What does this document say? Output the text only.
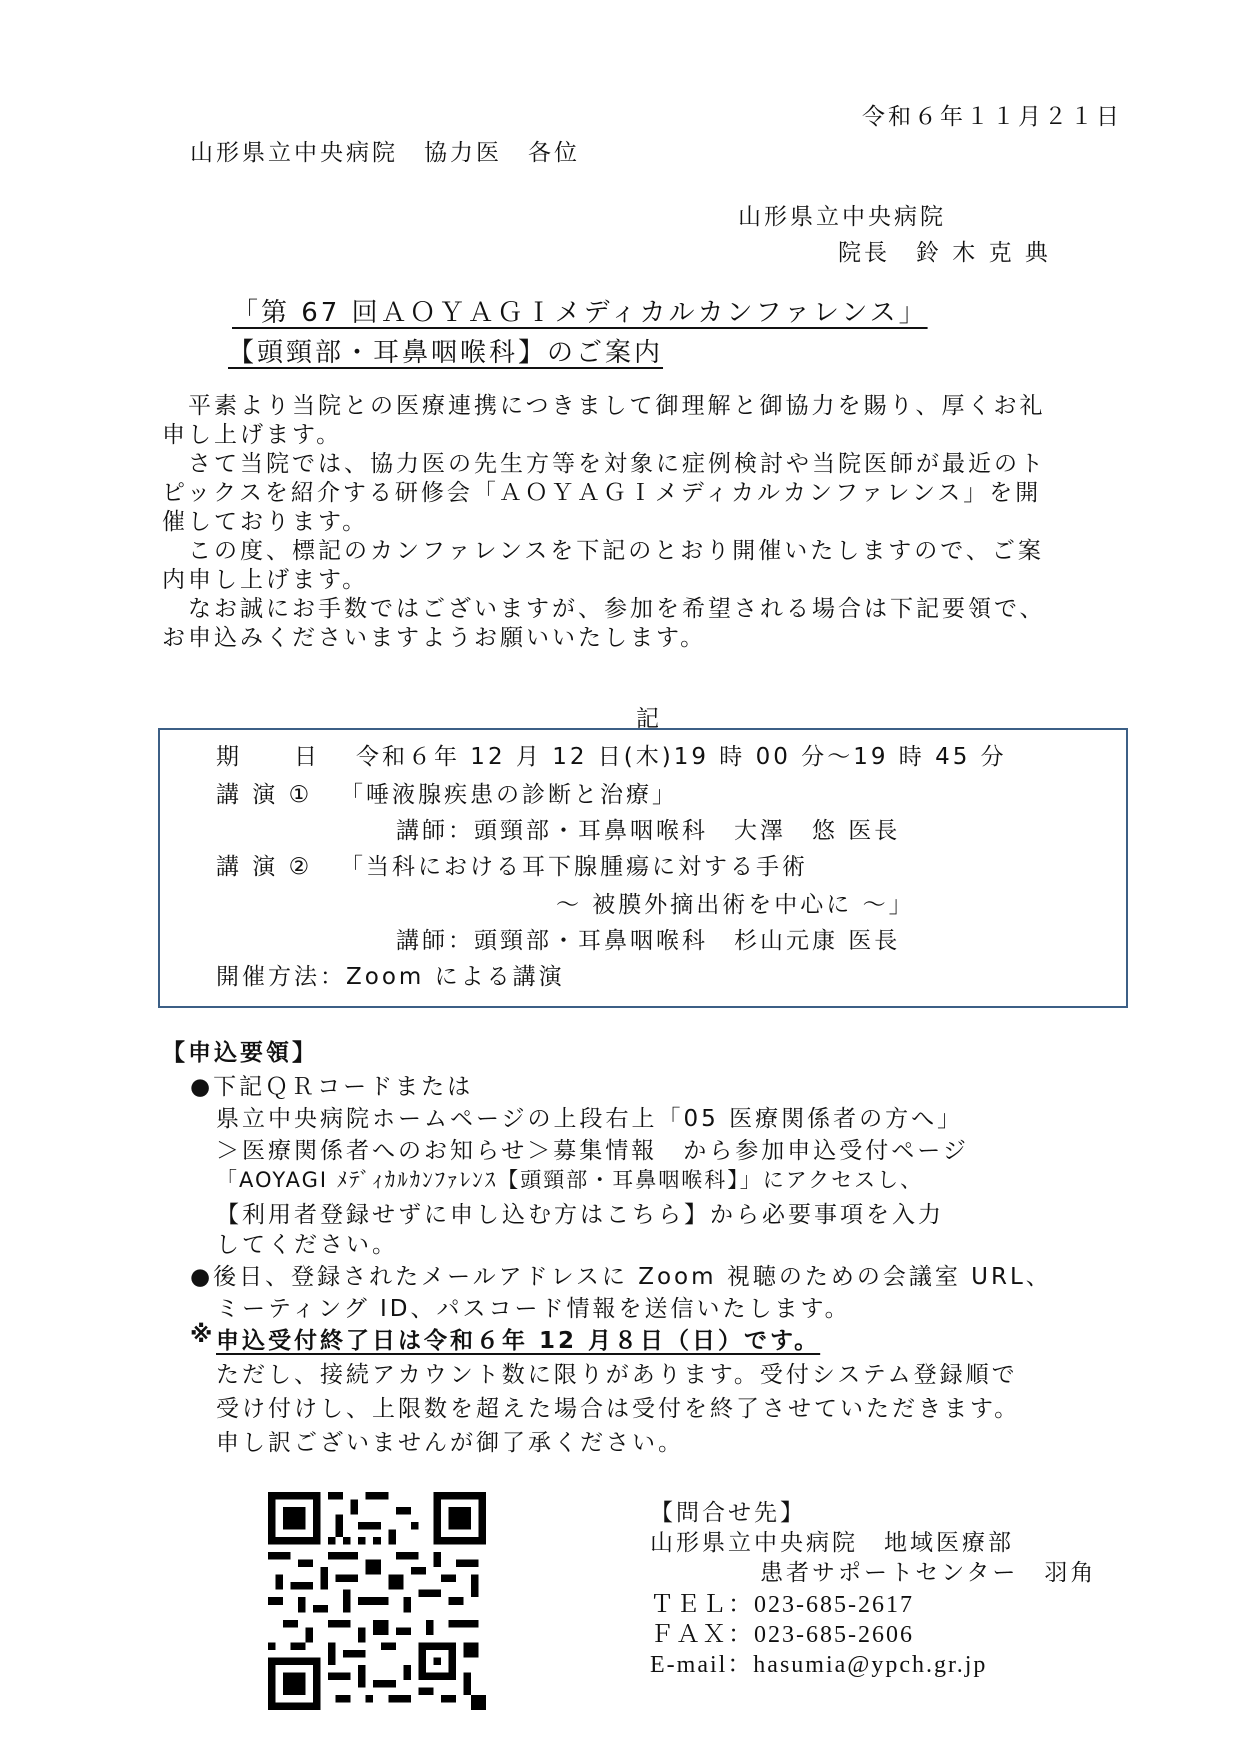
令和６年１１月２１日
山形県立中央病院　協力医　各位
山形県立中央病院
院長　鈴 木 克 典
「第 67 回ＡＯＹＡＧＩメディカルカンファレンス」
【頭頸部・耳鼻咽喉科】のご案内

　平素より当院との医療連携につきまして御理解と御協力を賜り、厚くお礼

申し上げます。

　さて当院では、協力医の先生方等を対象に症例検討や当院医師が最近のト

ピックスを紹介する研修会「ＡＯＹＡＧＩメディカルカンファレンス」を開

催しております。

　この度、標記のカンファレンスを下記のとおり開催いたしますので、ご案

内申し上げます。

　なお誠にお手数ではございますが、参加を希望される場合は下記要領で、

お申込みくださいますようお願いいたします。

記
期　　日 令和６年 12 月 12 日(木)19 時 00 分～19 時 45 分
講 演 ① 「唾液腺疾患の診断と治療」
講師：頭頸部・耳鼻咽喉科　大澤　悠 医長
講 演 ② 「当科における耳下腺腫瘍に対する手術
～ 被膜外摘出術を中心に ～」
講師：頭頸部・耳鼻咽喉科　杉山元康 医長
開催方法：Zoom による講演
【申込要領】
●下記ＱＲコードまたは
県立中央病院ホームページの上段右上「05 医療関係者の方へ」
＞医療関係者へのお知らせ＞募集情報　から参加申込受付ページ
「AOYAGI ﾒﾃﾞｨｶﾙｶﾝﾌｧﾚﾝｽ【頭頸部・耳鼻咽喉科】」にアクセスし、
【利用者登録せずに申し込む方はこちら】から必要事項を入力
してください。
●後日、登録されたメールアドレスに Zoom 視聴のための会議室 URL、
ミーティング ID、パスコード情報を送信いたします。
※ 申込受付終了日は令和６年 12 月８日（日）です。
ただし、接続アカウント数に限りがあります。受付システム登録順で
受け付けし、上限数を超えた場合は受付を終了させていただきます。
申し訳ございませんが御了承ください。
【問合せ先】
山形県立中央病院　地域医療部
患者サポートセンター　羽角
ＴＥＬ：023-685-2617
ＦＡＸ：023-685-2606
E-mail：hasumia@ypch.gr.jp
